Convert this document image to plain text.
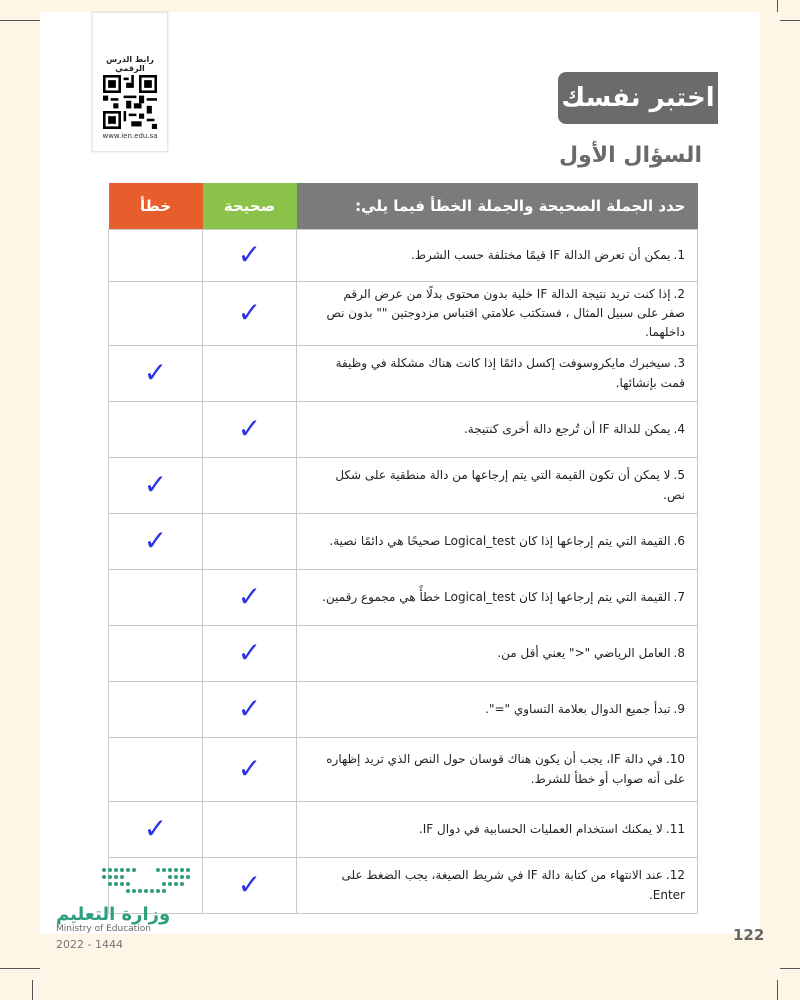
رابط الدرس الرقمي
www.ien.edu.sa
اختبر نفسك
السؤال الأول
حدد الجملة الصحيحة والجملة الخطأ فيما يلي:	صحيحة	خطأ
1.يمكن أن تعرض الدالة IF قيمًا مختلفة حسب الشرط.	✓	
2.إذا كنت تريد نتيجة الدالة IF خلية بدون محتوى بدلًا من عرض الرقم صفر على سبيل المثال ، فستكتب علامتي اقتباس مزدوجتين "" بدون نص داخلهما.	✓	
3.سيخبرك مايكروسوفت إكسل دائمًا إذا كانت هناك مشكلة في وظيفة قمت بإنشائها.		✓
4.يمكن للدالة IF أن تُرجع دالة أخرى كنتيجة.	✓	
5.لا يمكن أن تكون القيمة التي يتم إرجاعها من دالة منطقية على شكل نص.		✓
6.القيمة التي يتم إرجاعها إذا كان Logical_test صحيحًا هي دائمًا نصية.		✓
7.القيمة التي يتم إرجاعها إذا كان Logical_test خطأً هي مجموع رقمين.	✓	
8.العامل الرياضي "<" يعني أقل من.	✓	
9.تبدأ جميع الدوال بعلامة التساوي "=".	✓	
10.في دالة IF، يجب أن يكون هناك قوسان حول النص الذي تريد إظهاره على أنه صواب أو خطأ للشرط.	✓	
11.لا يمكنك استخدام العمليات الحسابية في دوال IF.		✓
12.عند الانتهاء من كتابة دالة IF في شريط الصيغة، يجب الضغط على Enter.	✓	
وزارة التعليم
Ministry of Education
2022 - 1444
122
